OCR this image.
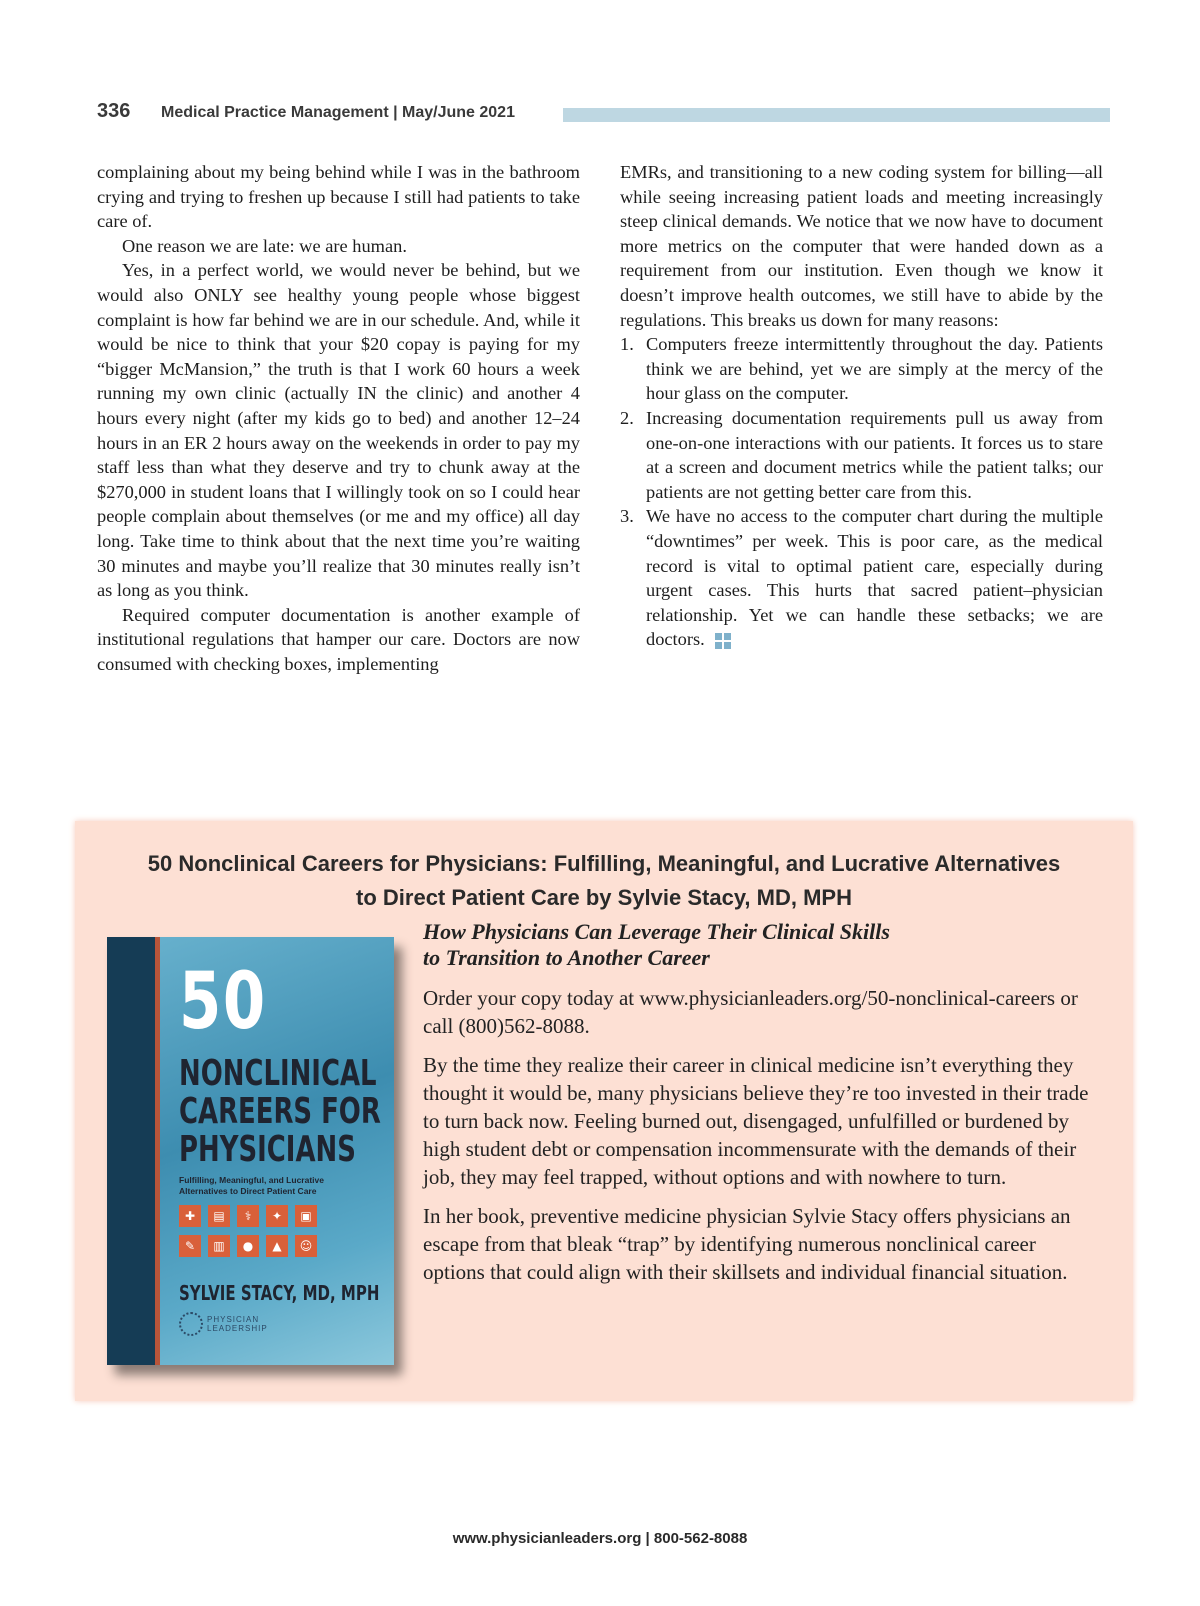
336 Medical Practice Management | May/June 2021

complaining about my being behind while I was in the bathroom crying and trying to freshen up because I still had patients to take care of.

One reason we are late: we are human.

Yes, in a perfect world, we would never be behind, but we would also ONLY see healthy young people whose biggest complaint is how far behind we are in our schedule. And, while it would be nice to think that your $20 copay is paying for my “bigger McMansion,” the truth is that I work 60 hours a week running my own clinic (actually IN the clinic) and another 4 hours every night (after my kids go to bed) and another 12–24 hours in an ER 2 hours away on the weekends in order to pay my staff less than what they deserve and try to chunk away at the $270,000 in student loans that I willingly took on so I could hear people complain about themselves (or me and my office) all day long. Take time to think about that the next time you’re waiting 30 minutes and maybe you’ll realize that 30 minutes really isn’t as long as you think.

Required computer documentation is another example of institutional regulations that hamper our care. Doctors are now consumed with checking boxes, implementing

EMRs, and transitioning to a new coding system for billing—all while seeing increasing patient loads and meeting increasingly steep clinical demands. We notice that we now have to document more metrics on the computer that were handed down as a requirement from our institution. Even though we know it doesn’t improve health outcomes, we still have to abide by the regulations. This breaks us down for many reasons:

1. Computers freeze intermittently throughout the day. Patients think we are behind, yet we are simply at the mercy of the hour glass on the computer.
2. Increasing documentation requirements pull us away from one-on-one interactions with our patients. It forces us to stare at a screen and document metrics while the patient talks; our patients are not getting better care from this.
3. We have no access to the computer chart during the multiple “downtimes” per week. This is poor care, as the medical record is vital to optimal patient care, especially during urgent cases. This hurts that sacred patient–physician relationship. Yet we can handle these setbacks; we are doctors.
50 Nonclinical Careers for Physicians: Fulfilling, Meaningful, and Lucrative Alternatives
to Direct Patient Care by Sylvie Stacy, MD, MPH
50
NONCLINICAL
CAREERS FOR
PHYSICIANS
Fulfilling, Meaningful, and Lucrative
Alternatives to Direct Patient Care
✚	▤	⚕	✦	▣
✎	▥	●	▲	☺
SYLVIE STACY, MD, MPH
PHYSICIAN
LEADERSHIP
How Physicians Can Leverage Their Clinical Skills
to Transition to Another Career

Order your copy today at www.physicianleaders.org/50-nonclinical-careers or call (800)562-8088.

By the time they realize their career in clinical medicine isn’t everything they thought it would be, many physicians believe they’re too invested in their trade to turn back now. Feeling burned out, disengaged, unfulfilled or burdened by high student debt or compensation incommensurate with the demands of their job, they may feel trapped, without options and with nowhere to turn.

In her book, preventive medicine physician Sylvie Stacy offers physicians an escape from that bleak “trap” by identifying numerous nonclinical career options that could align with their skillsets and individual financial situation.

www.physicianleaders.org | 800-562-8088
